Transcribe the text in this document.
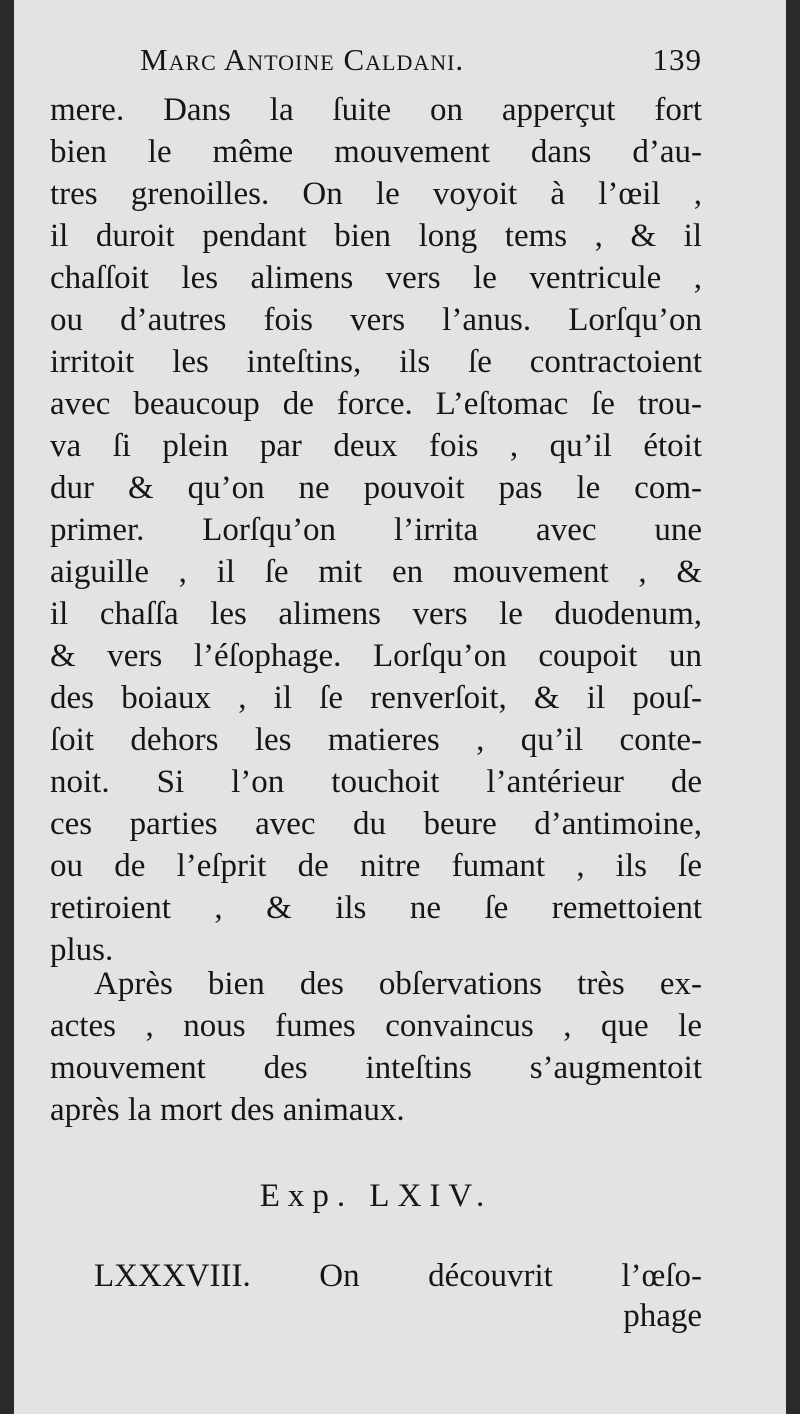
Marc Antoine Caldani.	139
mere. Dans la ſuite on apperçut fort
bien le même mouvement dans d’au-
tres grenoilles. On le voyoit à l’œil ,
il duroit pendant bien long tems , & il
chaſſoit les alimens vers le ventricule ,
ou d’autres fois vers l’anus. Lorſqu’on
irritoit les inteſtins, ils ſe contractoient
avec beaucoup de force. L’eſtomac ſe trou-
va ſi plein par deux fois , qu’il étoit
dur & qu’on ne pouvoit pas le com-
primer. Lorſqu’on l’irrita avec une
aiguille , il ſe mit en mouvement , &
il chaſſa les alimens vers le duodenum,
& vers l’éſophage. Lorſqu’on coupoit un
des boiaux , il ſe renverſoit, & il pouſ-
ſoit dehors les matieres , qu’il conte-
noit. Si l’on touchoit l’antérieur de
ces parties avec du beure d’antimoine,
ou de l’eſprit de nitre fumant , ils ſe
retiroient , & ils ne ſe remettoient
plus.
Après bien des obſervations très ex-
actes , nous fumes convaincus , que le
mouvement des inteſtins s’augmentoit
après la mort des animaux.
Exp. LXIV.
LXXXVIII. On découvrit l’œſo-
phage
